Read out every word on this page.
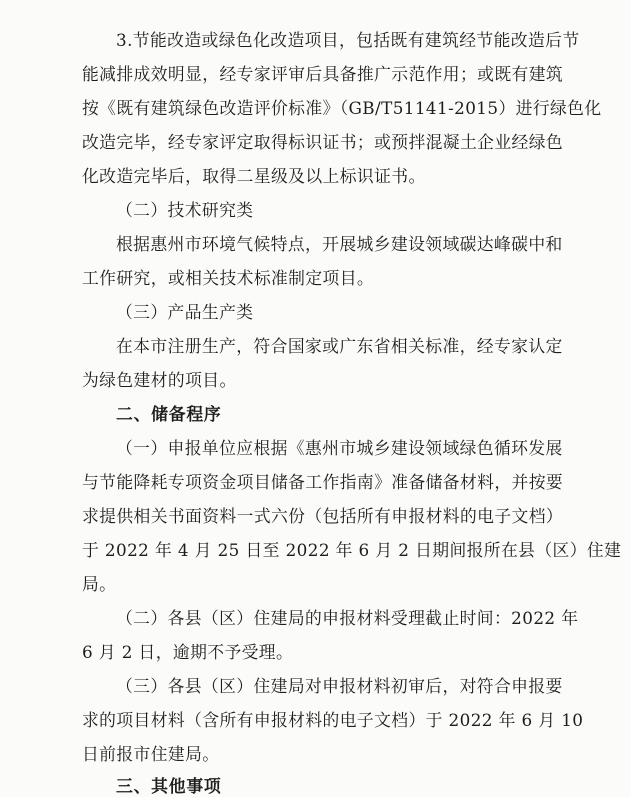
3.节能改造或绿色化改造项目，包括既有建筑经节能改造后节
能减排成效明显，经专家评审后具备推广示范作用；或既有建筑
按《既有建筑绿色改造评价标准》（GB/T51141-2015）进行绿色化
改造完毕，经专家评定取得标识证书；或预拌混凝土企业经绿色
化改造完毕后，取得二星级及以上标识证书。
（二）技术研究类
根据惠州市环境气候特点，开展城乡建设领域碳达峰碳中和
工作研究，或相关技术标准制定项目。
（三）产品生产类
在本市注册生产，符合国家或广东省相关标准，经专家认定
为绿色建材的项目。
二、储备程序
（一）申报单位应根据《惠州市城乡建设领域绿色循环发展
与节能降耗专项资金项目储备工作指南》准备储备材料，并按要
求提供相关书面资料一式六份（包括所有申报材料的电子文档）
于 2022 年 4 月 25 日至 2022 年 6 月 2 日期间报所在县（区）住建
局。
（二）各县（区）住建局的申报材料受理截止时间：2022 年
6 月 2 日，逾期不予受理。
（三）各县（区）住建局对申报材料初审后，对符合申报要
求的项目材料（含所有申报材料的电子文档）于 2022 年 6 月 10
日前报市住建局。
三、其他事项
